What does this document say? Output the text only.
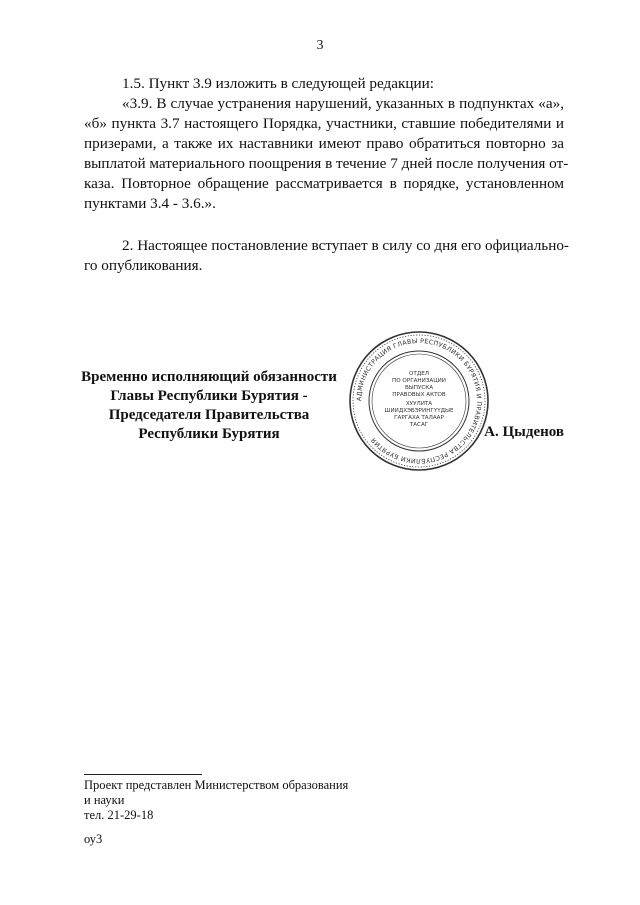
3

1.5. Пункт 3.9 изложить в следующей редакции:
«3.9. В случае устранения нарушений, указанных в подпунктах «а»,
«б» пункта 3.7 настоящего Порядка, участники, ставшие победителями и
призерами, а также их наставники имеют право обратиться повторно за
выплатой материального поощрения в течение 7 дней после получения от-
каза. Повторное обращение рассматривается в порядке, установленном
пунктами 3.4 - 3.6.».

2. Настоящее постановление вступает в силу со дня его официально-
го опубликования.

Временно исполняющий обязанности
Главы Республики Бурятия -
Председателя Правительства
Республики Бурятия
АДМИНИСТРАЦИЯ ГЛАВЫ РЕСПУБЛИКИ БУРЯТИЯ И ПРАВИТЕЛЬСТВА РЕСПУБЛИКИ БУРЯТИЯ
ОТДЕЛ
ПО ОРГАНИЗАЦИИ
ВЫПУСКА
ПРАВОВЫХ АКТОВ
ХУУЛИТА
ШИИДХЭБЭРИНГҮҮДЫЕ
ГАРГАХА ТАЛААР
ТАСАГ	А. Цыденов
Проект представлен Министерством образования
и науки
тел. 21-29-18
оу3
